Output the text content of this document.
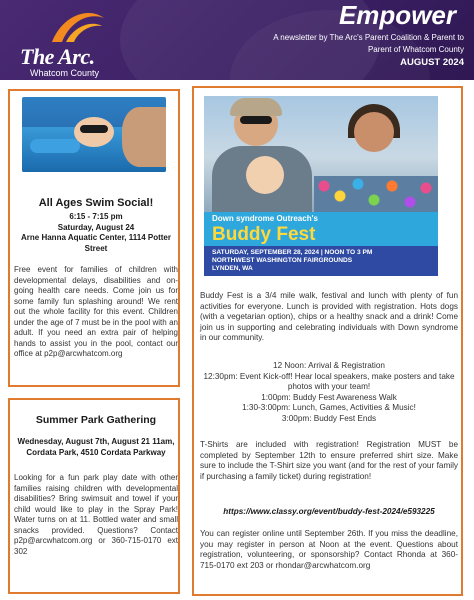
The Arc.
Whatcom County
Empower
A newsletter by The Arc's Parent Coalition & Parent to Parent of Whatcom County
AUGUST 2024
All Ages Swim Social!
6:15 - 7:15 pm
Saturday, August 24
Arne Hanna Aquatic Center, 1114 Potter Street
Free event for families of children with developmental delays, disabilities and on-going health care needs. Come join us for some family fun splashing around! We rent out the whole facility for this event. Children under the age of 7 must be in the pool with an adult. If you need an extra pair of helping hands to assist you in the pool, contact our office at p2p@arcwhatcom.org
Summer Park Gathering
Wednesday, August 7th, August 21 11am, Cordata Park, 4510 Cordata Parkway
Looking for a fun park play date with other families raising children with developmental disabilities? Bring swimsuit and towel if your child would like to play in the Spray Park! Water turns on at 11. Bottled water and small snacks provided. Questions? Contact p2p@arcwhatcom.org or 360-715-0170 ext 302
Down syndrome Outreach's
Buddy Fest
SATURDAY, SEPTEMBER 28, 2024 | NOON TO 3 PM
NORTHWEST WASHINGTON FAIRGROUNDS
LYNDEN, WA
Buddy Fest is a 3/4 mile walk, festival and lunch with plenty of fun activities for everyone. Lunch is provided with registration. Hots dogs (with a vegetarian option), chips or a healthy snack and a drink! Come join us in supporting and celebrating individuals with Down syndrome in our community.
12 Noon: Arrival & Registration
12:30pm: Event Kick-off! Hear local speakers, make posters and take photos with your team!
1:00pm: Buddy Fest Awareness Walk
1:30-3:00pm: Lunch, Games, Activities & Music!
3:00pm: Buddy Fest Ends
T-Shirts are included with registration! Registration MUST be completed by September 12th to ensure preferred shirt size. Make sure to include the T-Shirt size you want (and for the rest of your family if purchasing a family ticket) during registration!
https://www.classy.org/event/buddy-fest-2024/e593225
You can register online until September 26th. If you miss the deadline, you may register in person at Noon at the event. Questions about registration, volunteering, or sponsorship? Contact Rhonda at 360-715-0170 ext 203 or rhondar@arcwhatcom.org
